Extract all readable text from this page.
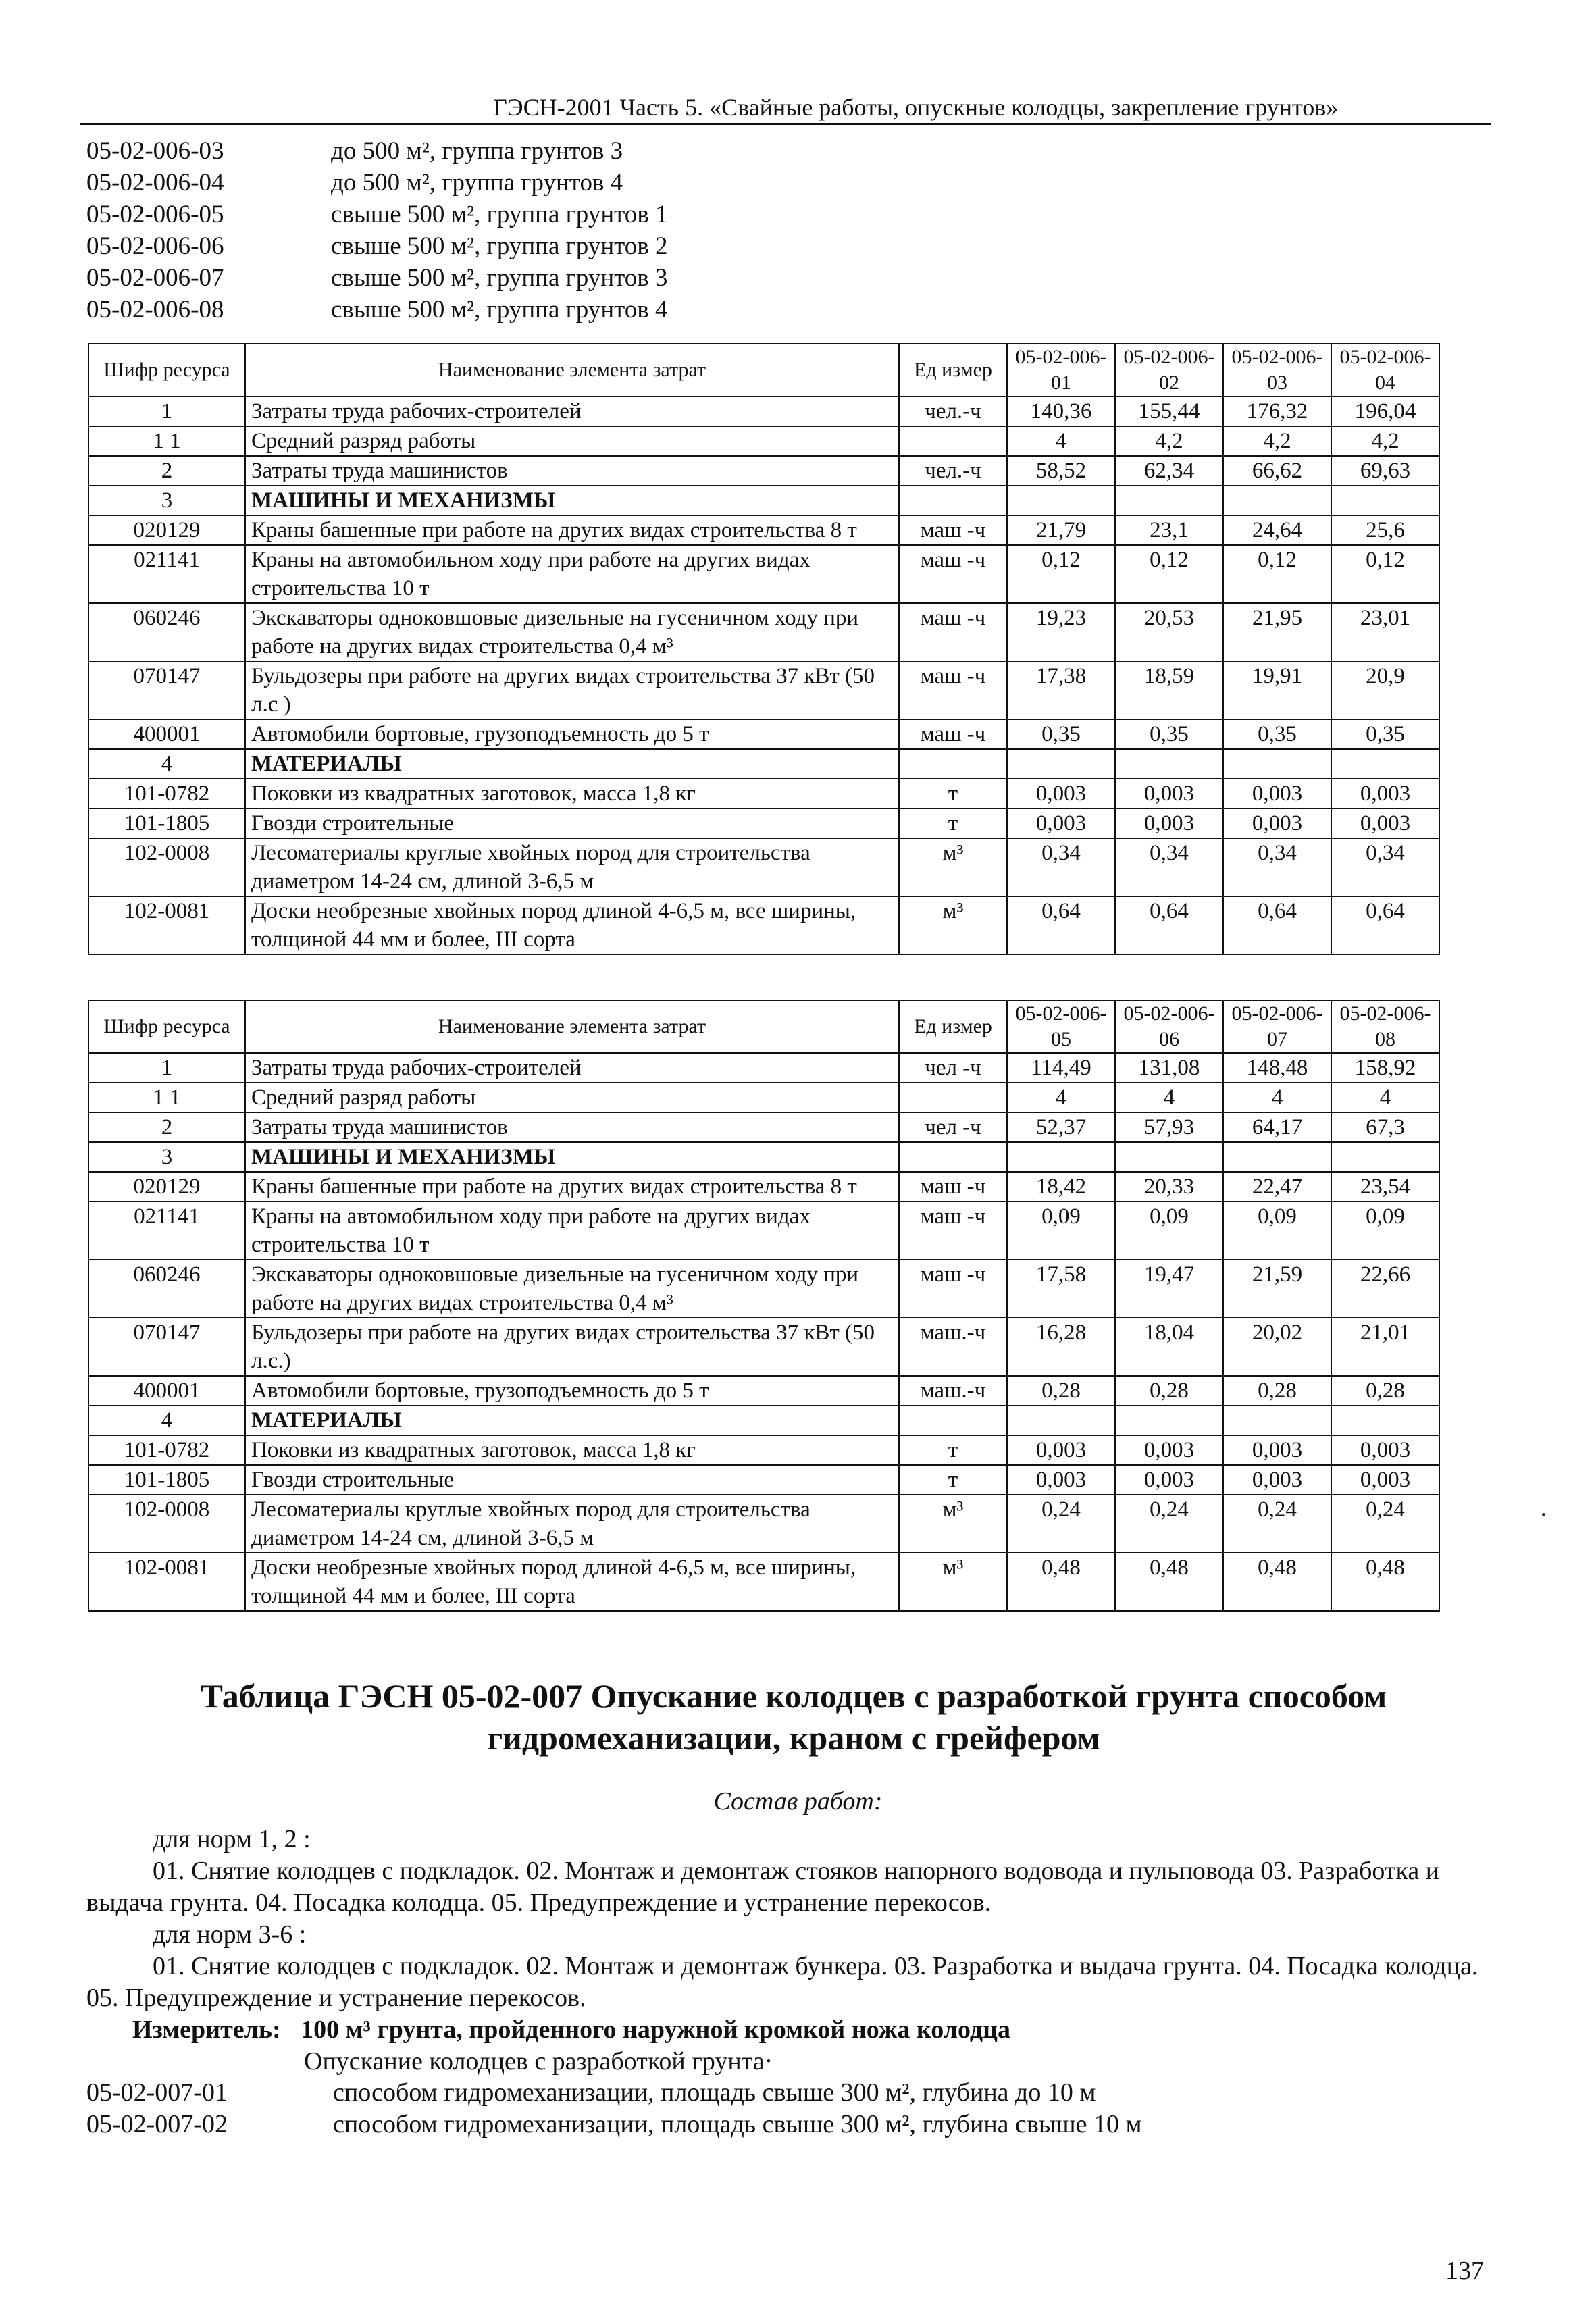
ГЭСН-2001 Часть 5. «Свайные работы, опускные колодцы, закрепление грунтов»
05-02-006-03	до 500 м², группа грунтов 3
05-02-006-04	до 500 м², группа грунтов 4
05-02-006-05	свыше 500 м², группа грунтов 1
05-02-006-06	свыше 500 м², группа грунтов 2
05-02-006-07	свыше 500 м², группа грунтов 3
05-02-006-08	свыше 500 м², группа грунтов 4
Шифр ресурса	Наименование элемента затрат	Ед измер	05-02-006-01	05-02-006-02	05-02-006-03	05-02-006-04
1	Затраты труда рабочих-строителей	чел.-ч	140,36	155,44	176,32	196,04
1 1	Средний разряд работы		4	4,2	4,2	4,2
2	Затраты труда машинистов	чел.-ч	58,52	62,34	66,62	69,63
3	МАШИНЫ И МЕХАНИЗМЫ					
020129	Краны башенные при работе на других видах строительства 8 т	маш -ч	21,79	23,1	24,64	25,6
021141	Краны на автомобильном ходу при работе на других видах строительства 10 т	маш -ч	0,12	0,12	0,12	0,12
060246	Экскаваторы одноковшовые дизельные на гусеничном ходу при работе на других видах строительства 0,4 м³	маш -ч	19,23	20,53	21,95	23,01
070147	Бульдозеры при работе на других видах строительства 37 кВт (50 л.с )	маш -ч	17,38	18,59	19,91	20,9
400001	Автомобили бортовые, грузоподъемность до 5 т	маш -ч	0,35	0,35	0,35	0,35
4	МАТЕРИАЛЫ					
101-0782	Поковки из квадратных заготовок, масса 1,8 кг	т	0,003	0,003	0,003	0,003
101-1805	Гвозди строительные	т	0,003	0,003	0,003	0,003
102-0008	Лесоматериалы круглые хвойных пород для строительства диаметром 14-24 см, длиной 3-6,5 м	м³	0,34	0,34	0,34	0,34
102-0081	Доски необрезные хвойных пород длиной 4-6,5 м, все ширины, толщиной 44 мм и более, III сорта	м³	0,64	0,64	0,64	0,64
Шифр ресурса	Наименование элемента затрат	Ед измер	05-02-006-05	05-02-006-06	05-02-006-07	05-02-006-08
1	Затраты труда рабочих-строителей	чел -ч	114,49	131,08	148,48	158,92
1 1	Средний разряд работы		4	4	4	4
2	Затраты труда машинистов	чел -ч	52,37	57,93	64,17	67,3
3	МАШИНЫ И МЕХАНИЗМЫ					
020129	Краны башенные при работе на других видах строительства 8 т	маш -ч	18,42	20,33	22,47	23,54
021141	Краны на автомобильном ходу при работе на других видах строительства 10 т	маш -ч	0,09	0,09	0,09	0,09
060246	Экскаваторы одноковшовые дизельные на гусеничном ходу при работе на других видах строительства 0,4 м³	маш -ч	17,58	19,47	21,59	22,66
070147	Бульдозеры при работе на других видах строительства 37 кВт (50 л.с.)	маш.-ч	16,28	18,04	20,02	21,01
400001	Автомобили бортовые, грузоподъемность до 5 т	маш.-ч	0,28	0,28	0,28	0,28
4	МАТЕРИАЛЫ					
101-0782	Поковки из квадратных заготовок, масса 1,8 кг	т	0,003	0,003	0,003	0,003
101-1805	Гвозди строительные	т	0,003	0,003	0,003	0,003
102-0008	Лесоматериалы круглые хвойных пород для строительства диаметром 14-24 см, длиной 3-6,5 м	м³	0,24	0,24	0,24	0,24
102-0081	Доски необрезные хвойных пород длиной 4-6,5 м, все ширины, толщиной 44 мм и более, III сорта	м³	0,48	0,48	0,48	0,48
Таблица ГЭСН 05-02-007 Опускание колодцев с разработкой грунта способом гидромеханизации, краном с грейфером
Состав работ:
для норм 1, 2 :
01. Снятие колодцев с подкладок. 02. Монтаж и демонтаж стояков напорного водовода и пульповода 03. Разработка и выдача грунта. 04. Посадка колодца. 05. Предупреждение и устранение перекосов.
для норм 3-6 :
01. Снятие колодцев с подкладок. 02. Монтаж и демонтаж бункера. 03. Разработка и выдача грунта. 04. Посадка колодца. 05. Предупреждение и устранение перекосов.
Измеритель: 100 м³ грунта, пройденного наружной кромкой ножа колодца
Опускание колодцев с разработкой грунта·
05-02-007-01	способом гидромеханизации, площадь свыше 300 м², глубина до 10 м
05-02-007-02	способом гидромеханизации, площадь свыше 300 м², глубина свыше 10 м
137
